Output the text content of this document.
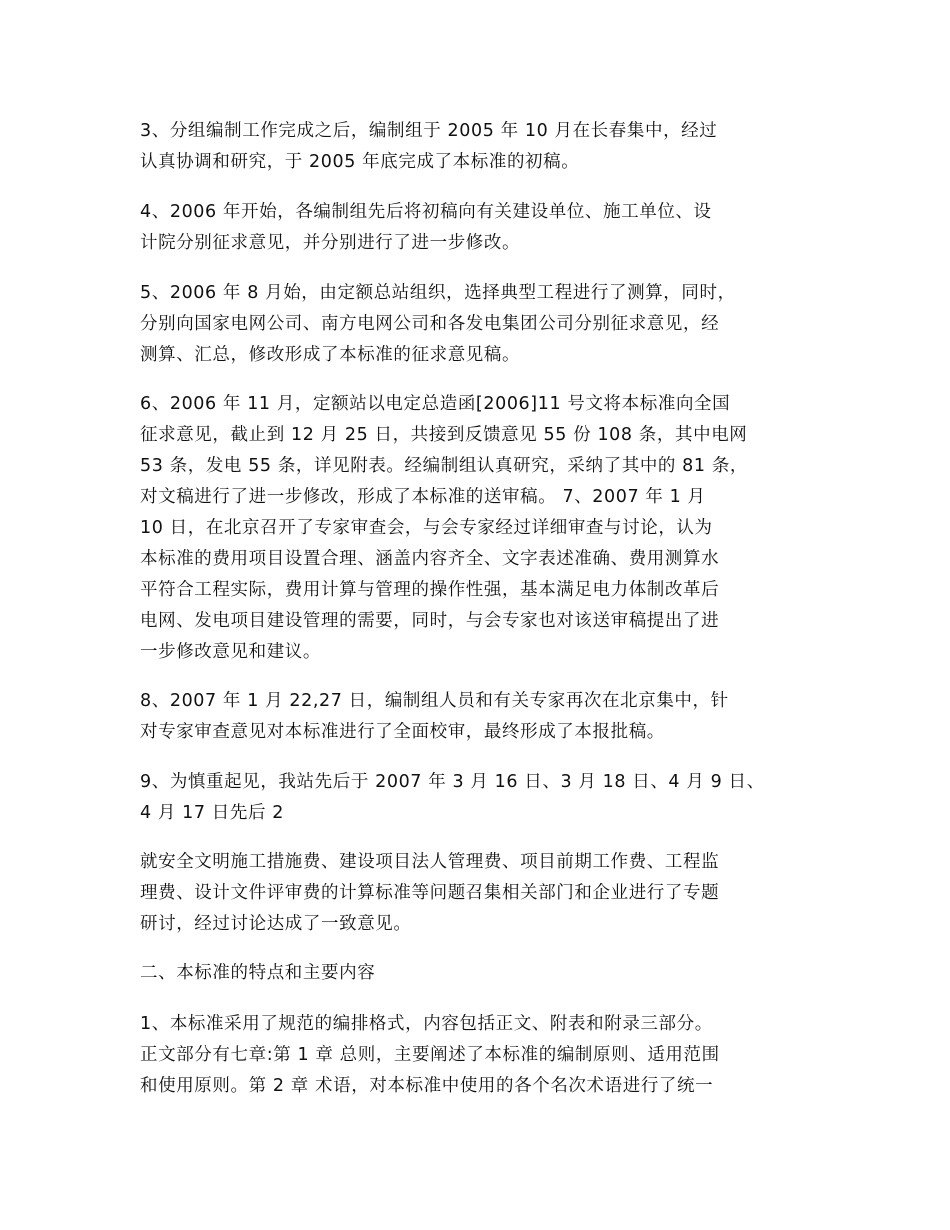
3、分组编制工作完成之后，编制组于 2005 年 10 月在长春集中，经过
认真协调和研究，于 2005 年底完成了本标准的初稿。
4、2006 年开始，各编制组先后将初稿向有关建设单位、施工单位、设
计院分别征求意见，并分别进行了进一步修改。
5、2006 年 8 月始，由定额总站组织，选择典型工程进行了测算，同时，
分别向国家电网公司、南方电网公司和各发电集团公司分别征求意见，经
测算、汇总，修改形成了本标准的征求意见稿。
6、2006 年 11 月，定额站以电定总造函[2006]11 号文将本标准向全国
征求意见，截止到 12 月 25 日，共接到反馈意见 55 份 108 条，其中电网
53 条，发电 55 条，详见附表。经编制组认真研究，采纳了其中的 81 条，
对文稿进行了进一步修改，形成了本标准的送审稿。 7、2007 年 1 月
10 日，在北京召开了专家审查会，与会专家经过详细审查与讨论，认为
本标准的费用项目设置合理、涵盖内容齐全、文字表述准确、费用测算水
平符合工程实际，费用计算与管理的操作性强，基本满足电力体制改革后
电网、发电项目建设管理的需要，同时，与会专家也对该送审稿提出了进
一步修改意见和建议。
8、2007 年 1 月 22,27 日，编制组人员和有关专家再次在北京集中，针
对专家审查意见对本标准进行了全面校审，最终形成了本报批稿。
9、为慎重起见，我站先后于 2007 年 3 月 16 日、3 月 18 日、4 月 9 日、
4 月 17 日先后 2
就安全文明施工措施费、建设项目法人管理费、项目前期工作费、工程监
理费、设计文件评审费的计算标准等问题召集相关部门和企业进行了专题
研讨，经过讨论达成了一致意见。
二、本标准的特点和主要内容
1、本标准采用了规范的编排格式，内容包括正文、附表和附录三部分。
正文部分有七章:第 1 章 总则，主要阐述了本标准的编制原则、适用范围
和使用原则。第 2 章 术语，对本标准中使用的各个名次术语进行了统一
